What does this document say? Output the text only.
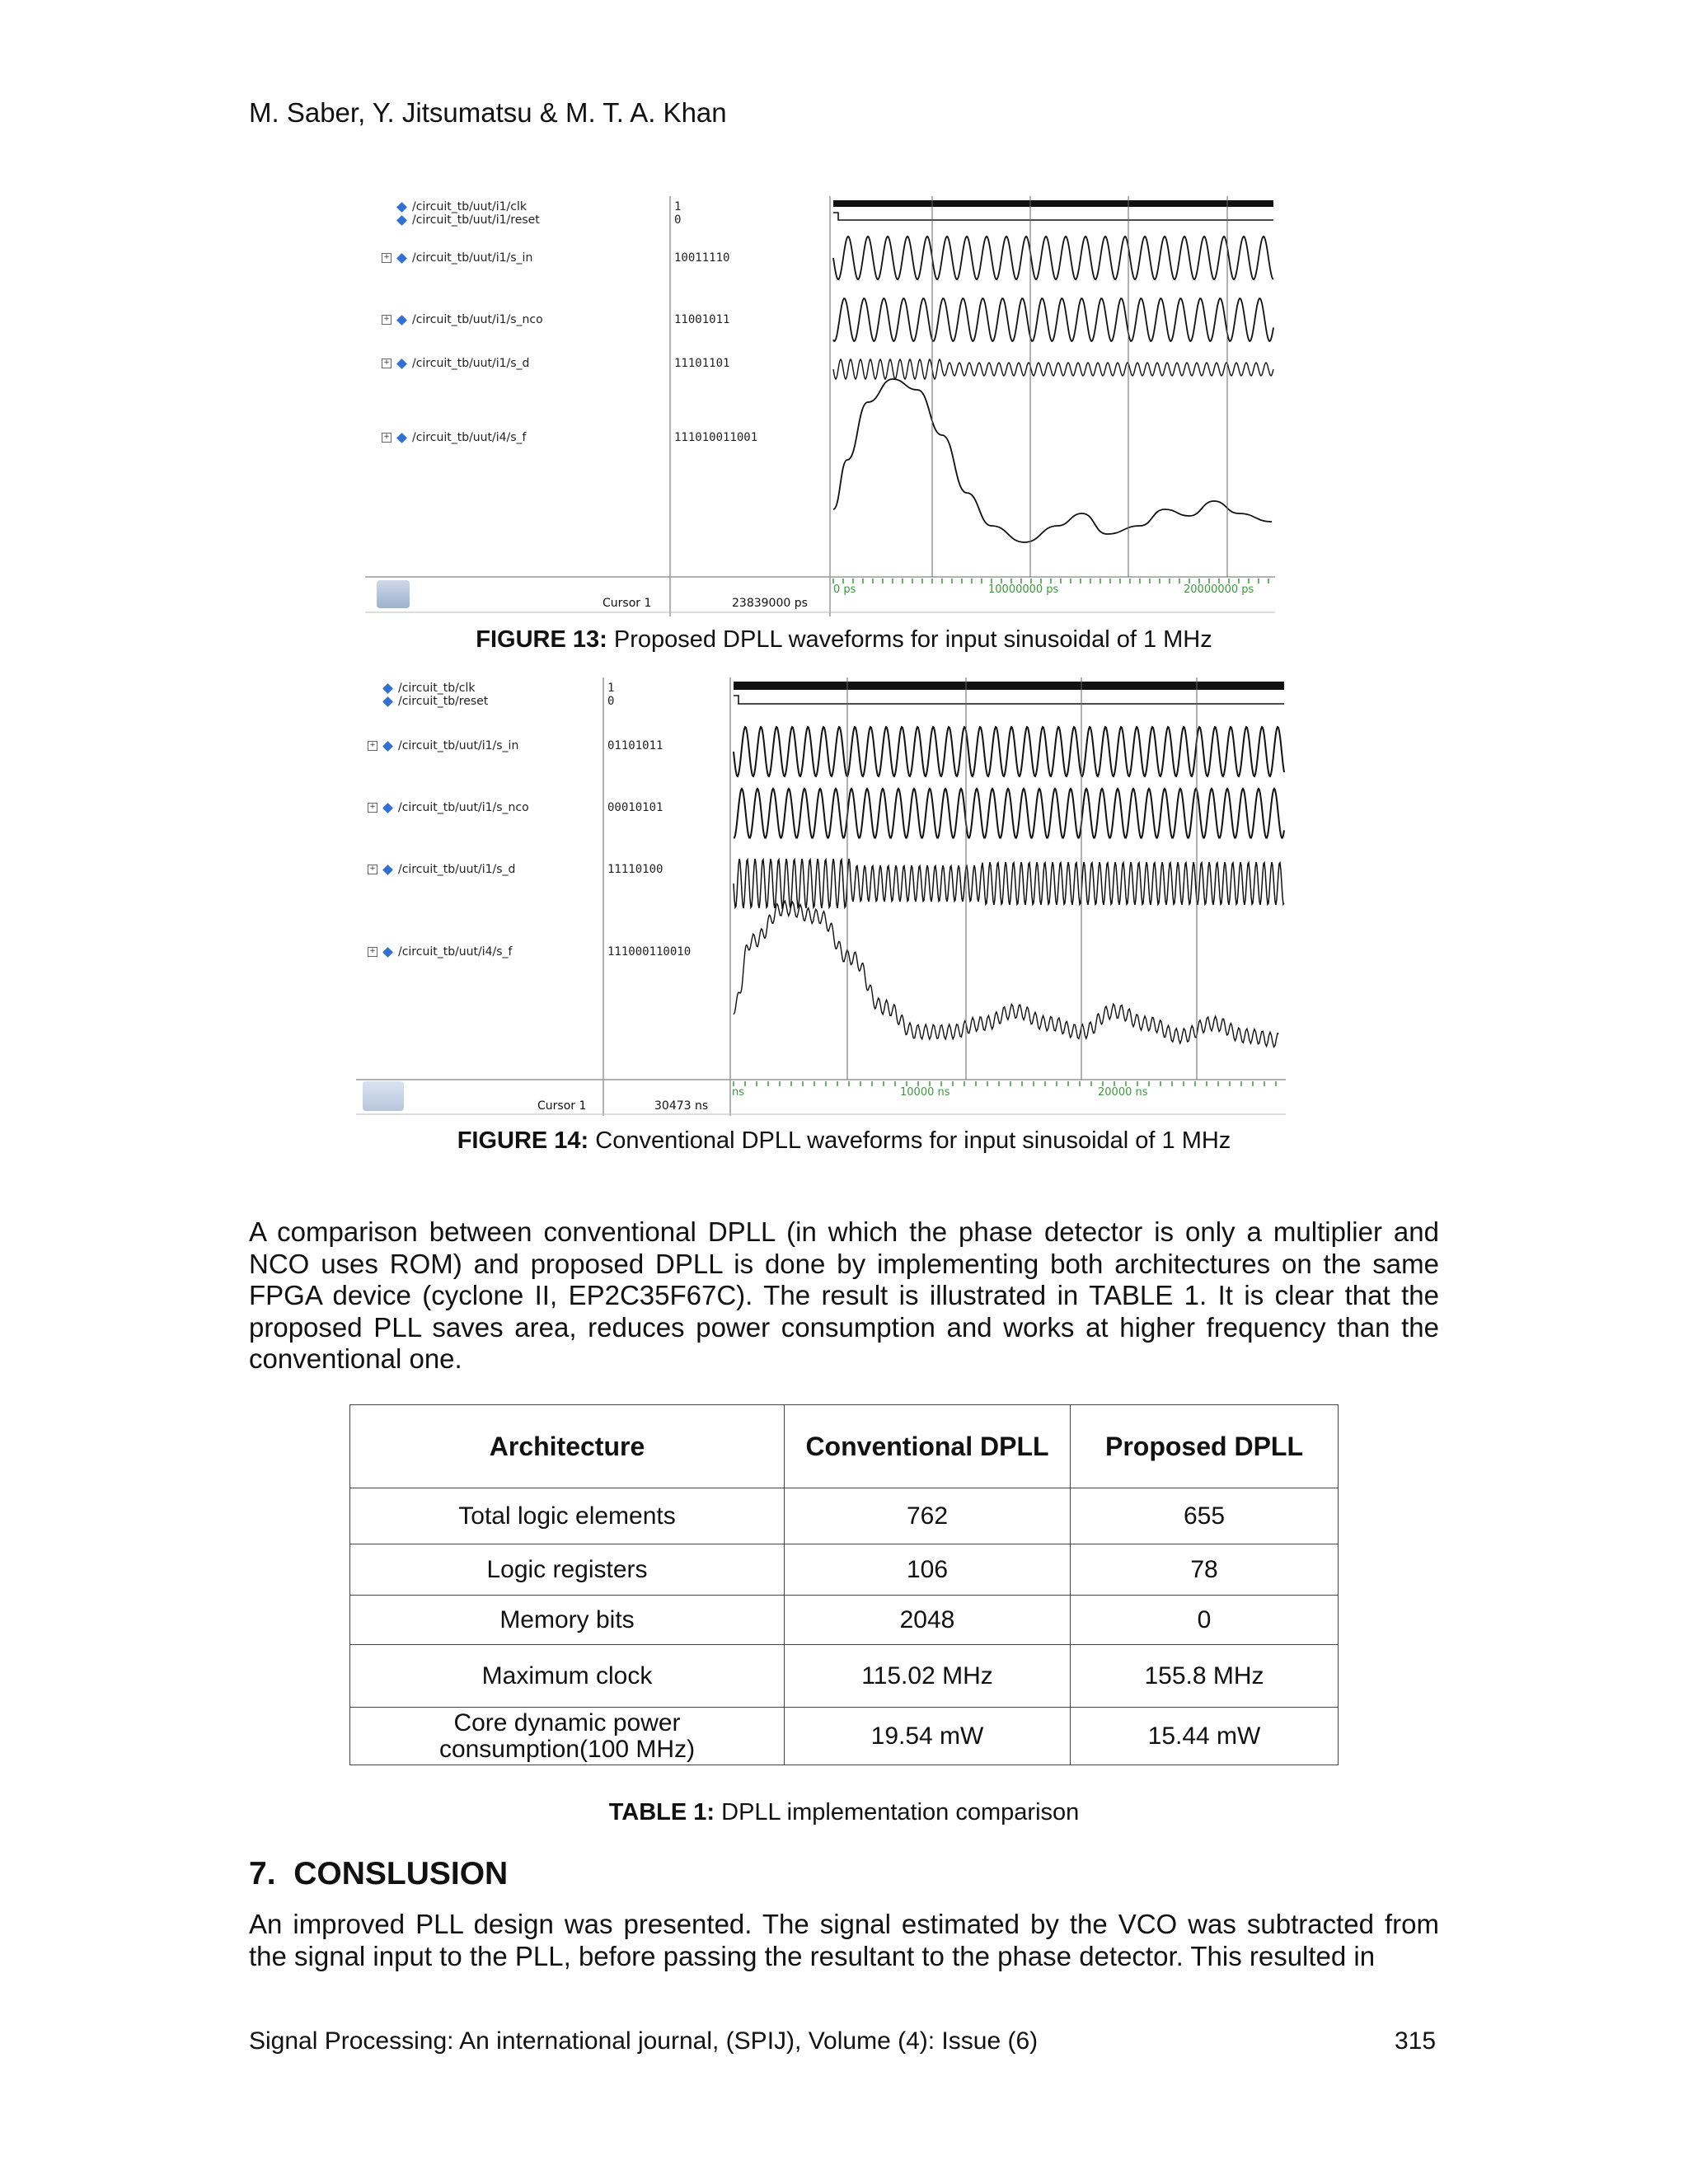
M. Saber, Y. Jitsumatsu & M. T. A. Khan
/circuit_tb/uut/i1/clk	1
/circuit_tb/uut/i1/reset	0
+ /circuit_tb/uut/i1/s_in	10011110
+ /circuit_tb/uut/i1/s_nco	11001011
+ /circuit_tb/uut/i1/s_d	11101101
+ /circuit_tb/uut/i4/s_f	111010011001
Cursor 1	23839000 ps
0 ps	10000000 ps	20000000 ps
FIGURE 13: Proposed DPLL waveforms for input sinusoidal of 1 MHz
/circuit_tb/clk	1
/circuit_tb/reset	0
+ /circuit_tb/uut/i1/s_in	01101011
+ /circuit_tb/uut/i1/s_nco	00010101
+ /circuit_tb/uut/i1/s_d	11110100
+ /circuit_tb/uut/i4/s_f	111000110010
Cursor 1	30473 ns
ns	10000 ns	20000 ns
FIGURE 14: Conventional DPLL waveforms for input sinusoidal of 1 MHz
A comparison between conventional DPLL (in which the phase detector is only a multiplier and NCO uses ROM) and proposed DPLL is done by implementing both architectures on the same FPGA device (cyclone II, EP2C35F67C). The result is illustrated in TABLE 1. It is clear that the proposed PLL saves area, reduces power consumption and works at higher frequency than the conventional one.
Architecture	Conventional DPLL	Proposed DPLL
Total logic elements	762	655
Logic registers	106	78
Memory bits	2048	0
Maximum clock	115.02 MHz	155.8 MHz
Core dynamic power consumption(100 MHz)	19.54 mW	15.44 mW
TABLE 1: DPLL implementation comparison
7. CONSLUSION
An improved PLL design was presented. The signal estimated by the VCO was subtracted from the signal input to the PLL, before passing the resultant to the phase detector. This resulted in
Signal Processing: An international journal, (SPIJ), Volume (4): Issue (6)	315
